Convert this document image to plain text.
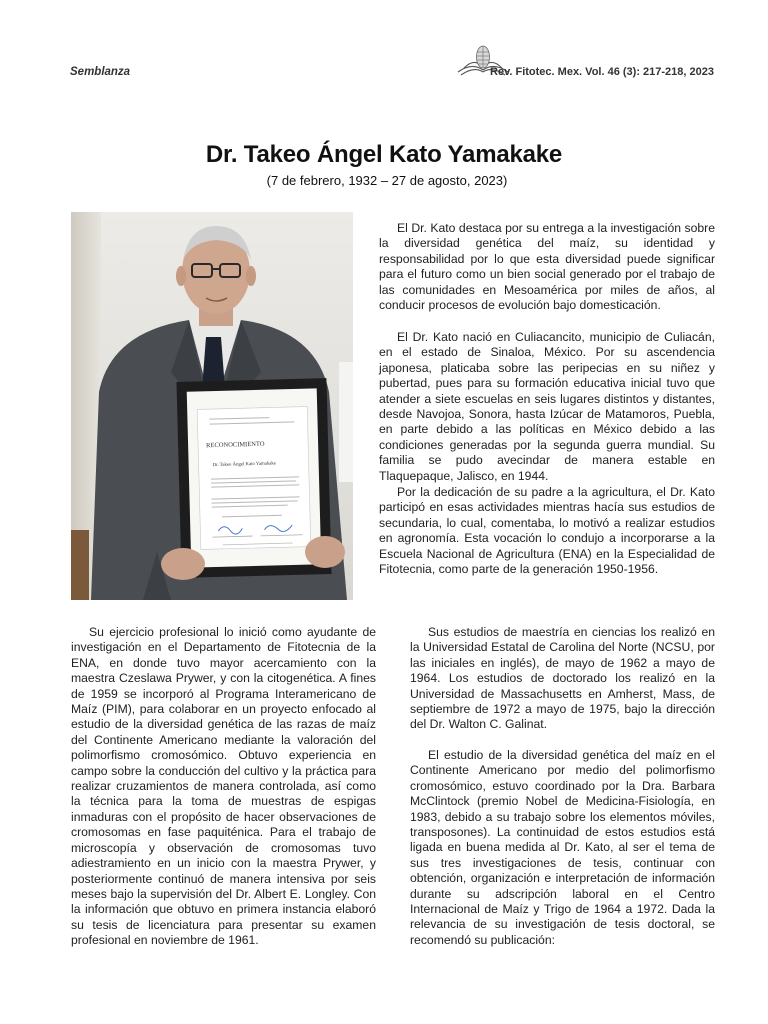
Semblanza	Rev. Fitotec. Mex. Vol. 46 (3): 217-218, 2023
Dr. Takeo Ángel Kato Yamakake
(7 de febrero, 1932 – 27 de agosto, 2023)
RECONOCIMIENTO
Dr. Takeo Ángel Kato Yamakake

El Dr. Kato destaca por su entrega a la investigación sobre la diversidad genética del maíz, su identidad y responsabilidad por lo que esta diversidad puede significar para el futuro como un bien social generado por el trabajo de las comunidades en Mesoamérica por miles de años, al conducir procesos de evolución bajo domesticación.

El Dr. Kato nació en Culiacancito, municipio de Culiacán, en el estado de Sinaloa, México. Por su ascendencia japonesa, platicaba sobre las peripecias en su niñez y pubertad, pues para su formación educativa inicial tuvo que atender a siete escuelas en seis lugares distintos y distantes, desde Navojoa, Sonora, hasta Izúcar de Matamoros, Puebla, en parte debido a las políticas en México debido a las condiciones generadas por la segunda guerra mundial. Su familia se pudo avecindar de manera estable en Tlaquepaque, Jalisco, en 1944.

Por la dedicación de su padre a la agricultura, el Dr. Kato participó en esas actividades mientras hacía sus estudios de secundaria, lo cual, comentaba, lo motivó a realizar estudios en agronomía. Esta vocación lo condujo a incorporarse a la Escuela Nacional de Agricultura (ENA) en la Especialidad de Fitotecnia, como parte de la generación 1950-1956.

Su ejercicio profesional lo inició como ayudante de investigación en el Departamento de Fitotecnia de la ENA, en donde tuvo mayor acercamiento con la maestra Czeslawa Prywer, y con la citogenética. A fines de 1959 se incorporó al Programa Interamericano de Maíz (PIM), para colaborar en un proyecto enfocado al estudio de la diversidad genética de las razas de maíz del Continente Americano mediante la valoración del polimorfismo cromosómico. Obtuvo experiencia en campo sobre la conducción del cultivo y la práctica para realizar cruzamientos de manera controlada, así como la técnica para la toma de muestras de espigas inmaduras con el propósito de hacer observaciones de cromosomas en fase paquiténica. Para el trabajo de microscopía y observación de cromosomas tuvo adiestramiento en un inicio con la maestra Prywer, y posteriormente continuó de manera intensiva por seis meses bajo la supervisión del Dr. Albert E. Longley. Con la información que obtuvo en primera instancia elaboró su tesis de licenciatura para presentar su examen profesional en noviembre de 1961.

Sus estudios de maestría en ciencias los realizó en la Universidad Estatal de Carolina del Norte (NCSU, por las iniciales en inglés), de mayo de 1962 a mayo de 1964. Los estudios de doctorado los realizó en la Universidad de Massachusetts en Amherst, Mass, de septiembre de 1972 a mayo de 1975, bajo la dirección del Dr. Walton C. Galinat.

El estudio de la diversidad genética del maíz en el Continente Americano por medio del polimorfismo cromosómico, estuvo coordinado por la Dra. Barbara McClintock (premio Nobel de Medicina-Fisiología, en 1983, debido a su trabajo sobre los elementos móviles, transposones). La continuidad de estos estudios está ligada en buena medida al Dr. Kato, al ser el tema de sus tres investigaciones de tesis, continuar con obtención, organización e interpretación de información durante su adscripción laboral en el Centro Internacional de Maíz y Trigo de 1964 a 1972. Dada la relevancia de su investigación de tesis doctoral, se recomendó su publicación:
